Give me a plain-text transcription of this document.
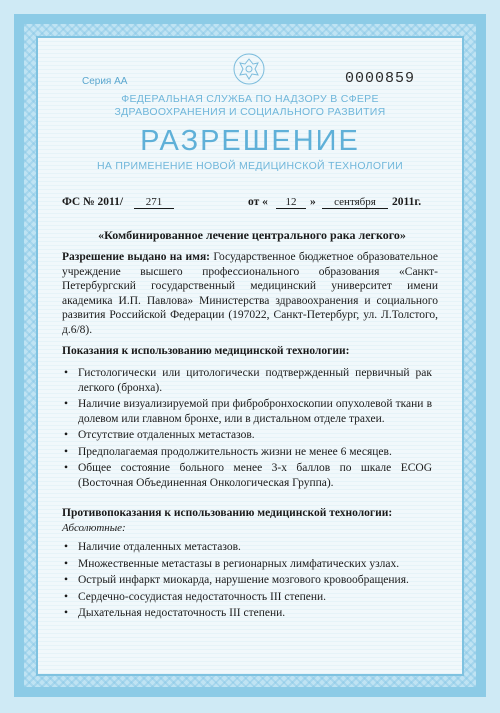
Серия АА	0000859
ФЕДЕРАЛЬНАЯ СЛУЖБА ПО НАДЗОРУ В СФЕРЕ
ЗДРАВООХРАНЕНИЯ И СОЦИАЛЬНОГО РАЗВИТИЯ
РАЗРЕШЕНИЕ
НА ПРИМЕНЕНИЕ НОВОЙ МЕДИЦИНСКОЙ ТЕХНОЛОГИИ
ФС № 2011/	271	от «	12	»	сентября	2011г.
«Комбинированное лечение центрального рака легкого»
Разрешение выдано на имя: Государственное бюджетное образовательное учреждение высшего профессионального образования «Санкт-Петербургский государственный медицинский университет имени академика И.П. Павлова» Министерства здравоохранения и социального развития Российской Федерации (197022, Санкт-Петербург, ул. Л.Толстого, д.6/8).
Показания к использованию медицинской технологии:
• Гистологически или цитологически подтвержденный первичный рак легкого (бронха).
• Наличие визуализируемой при фибробронхоскопии опухолевой ткани в долевом или главном бронхе, или в дистальном отделе трахеи.
• Отсутствие отдаленных метастазов.
• Предполагаемая продолжительность жизни не менее 6 месяцев.
• Общее состояние больного менее 3-х баллов по шкале ECOG (Восточная Объединенная Онкологическая Группа).
Противопоказания к использованию медицинской технологии:
Абсолютные:
• Наличие отдаленных метастазов.
• Множественные метастазы в регионарных лимфатических узлах.
• Острый инфаркт миокарда, нарушение мозгового кровообращения.
• Сердечно-сосудистая недостаточность III степени.
• Дыхательная недостаточность III степени.
